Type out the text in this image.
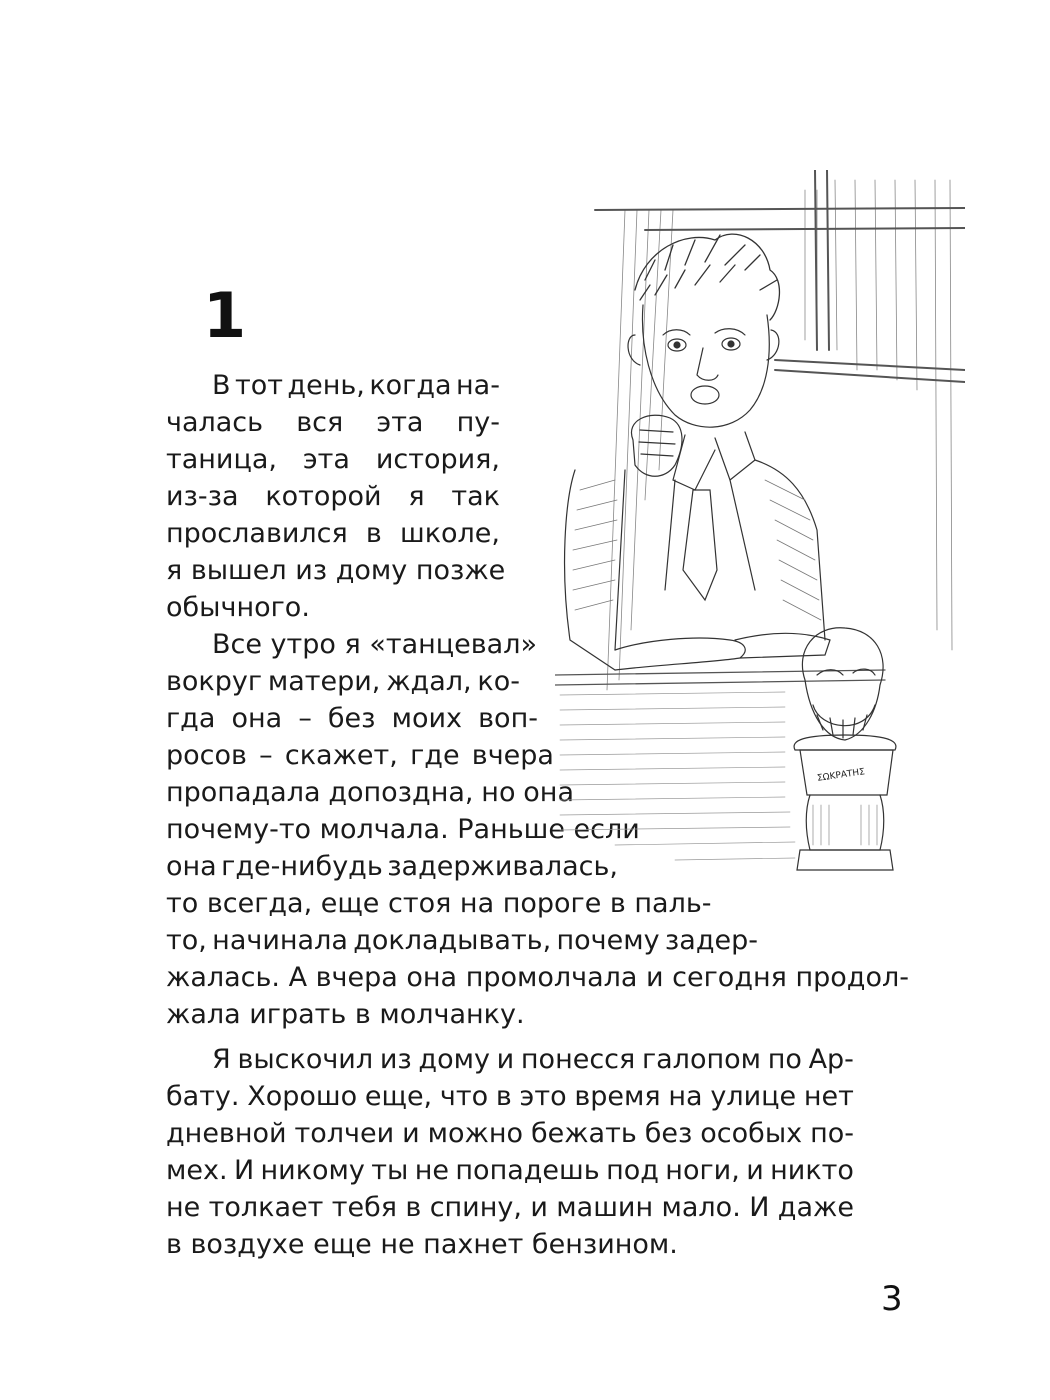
1
В тот день, когда на-
чалась вся эта пу-
таница, эта история,
из-за которой я так
прославился в школе,
я вышел из дому позже
обычного.
Все утро я «танцевал»
вокруг матери, ждал, ко-
гда она – без моих воп-
росов – скажет, где вчера
пропадала допоздна, но она
почему-то молчала. Раньше если
она где-нибудь задерживалась,
то всегда, еще стоя на пороге в паль-
то, начинала докладывать, почему задер-
жалась. А вчера она промолчала и сегодня продол-
жала играть в молчанку.
Я выскочил из дому и понесся галопом по Ар-
бату. Хорошо еще, что в это время на улице нет
дневной толчеи и можно бежать без особых по-
мех. И никому ты не попадешь под ноги, и никто
не толкает тебя в спину, и машин мало. И даже
в воздухе еще не пахнет бензином.
3
ΣΩΚΡΑΤΗΣ
